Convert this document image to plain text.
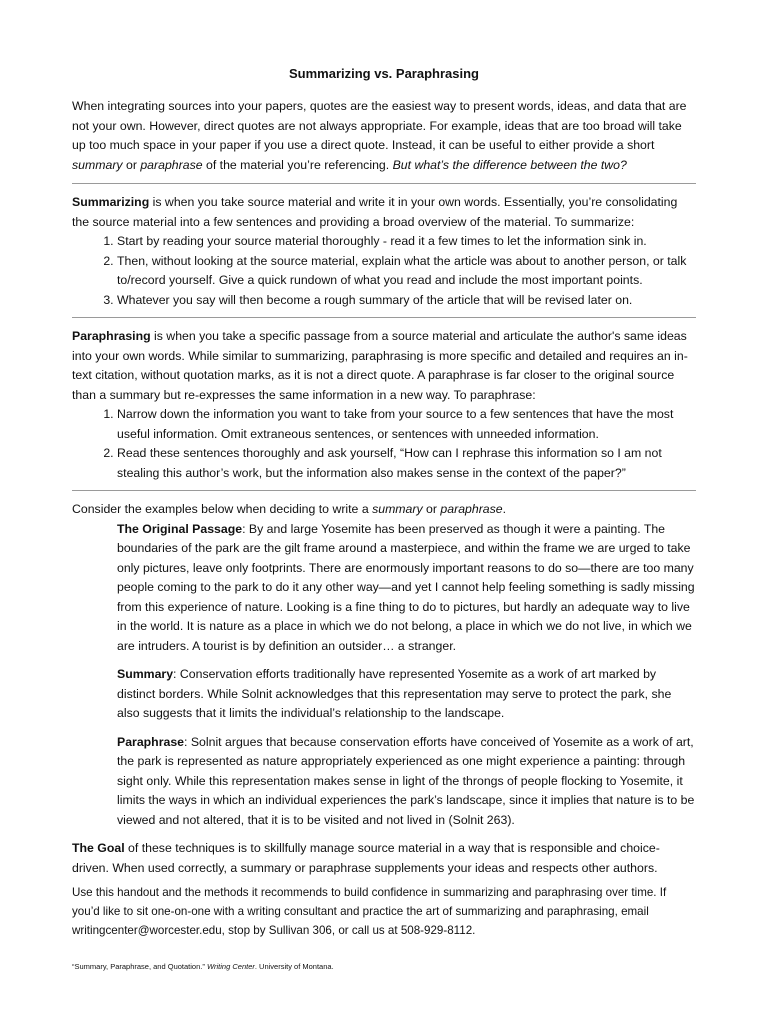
Summarizing vs. Paraphrasing

When integrating sources into your papers, quotes are the easiest way to present words, ideas, and data that are not your own. However, direct quotes are not always appropriate. For example, ideas that are too broad will take up too much space in your paper if you use a direct quote. Instead, it can be useful to either provide a short summary or paraphrase of the material you’re referencing. But what’s the difference between the two?

Summarizing is when you take source material and write it in your own words. Essentially, you’re consolidating the source material into a few sentences and providing a broad overview of the material. To summarize:

1. Start by reading your source material thoroughly - read it a few times to let the information sink in.
2. Then, without looking at the source material, explain what the article was about to another person, or talk to/record yourself. Give a quick rundown of what you read and include the most important points.
3. Whatever you say will then become a rough summary of the article that will be revised later on.

Paraphrasing is when you take a specific passage from a source material and articulate the author's same ideas into your own words. While similar to summarizing, paraphrasing is more specific and detailed and requires an in-text citation, without quotation marks, as it is not a direct quote. A paraphrase is far closer to the original source than a summary but re-expresses the same information in a new way. To paraphrase:

1. Narrow down the information you want to take from your source to a few sentences that have the most useful information. Omit extraneous sentences, or sentences with unneeded information.
2. Read these sentences thoroughly and ask yourself, “How can I rephrase this information so I am not stealing this author’s work, but the information also makes sense in the context of the paper?”

Consider the examples below when deciding to write a summary or paraphrase.

The Original Passage: By and large Yosemite has been preserved as though it were a painting. The boundaries of the park are the gilt frame around a masterpiece, and within the frame we are urged to take only pictures, leave only footprints. There are enormously important reasons to do so—there are too many people coming to the park to do it any other way—and yet I cannot help feeling something is sadly missing from this experience of nature. Looking is a fine thing to do to pictures, but hardly an adequate way to live in the world. It is nature as a place in which we do not belong, a place in which we do not live, in which we are intruders. A tourist is by definition an outsider… a stranger.

Summary: Conservation efforts traditionally have represented Yosemite as a work of art marked by distinct borders. While Solnit acknowledges that this representation may serve to protect the park, she also suggests that it limits the individual’s relationship to the landscape.

Paraphrase: Solnit argues that because conservation efforts have conceived of Yosemite as a work of art, the park is represented as nature appropriately experienced as one might experience a painting: through sight only. While this representation makes sense in light of the throngs of people flocking to Yosemite, it limits the ways in which an individual experiences the park’s landscape, since it implies that nature is to be viewed and not altered, that it is to be visited and not lived in (Solnit 263).

The Goal of these techniques is to skillfully manage source material in a way that is responsible and choice-driven. When used correctly, a summary or paraphrase supplements your ideas and respects other authors.

Use this handout and the methods it recommends to build confidence in summarizing and paraphrasing over time. If you’d like to sit one-on-one with a writing consultant and practice the art of summarizing and paraphrasing, email writingcenter@worcester.edu, stop by Sullivan 306, or call us at 508-929-8112.

“Summary, Paraphrase, and Quotation.” Writing Center. University of Montana.
